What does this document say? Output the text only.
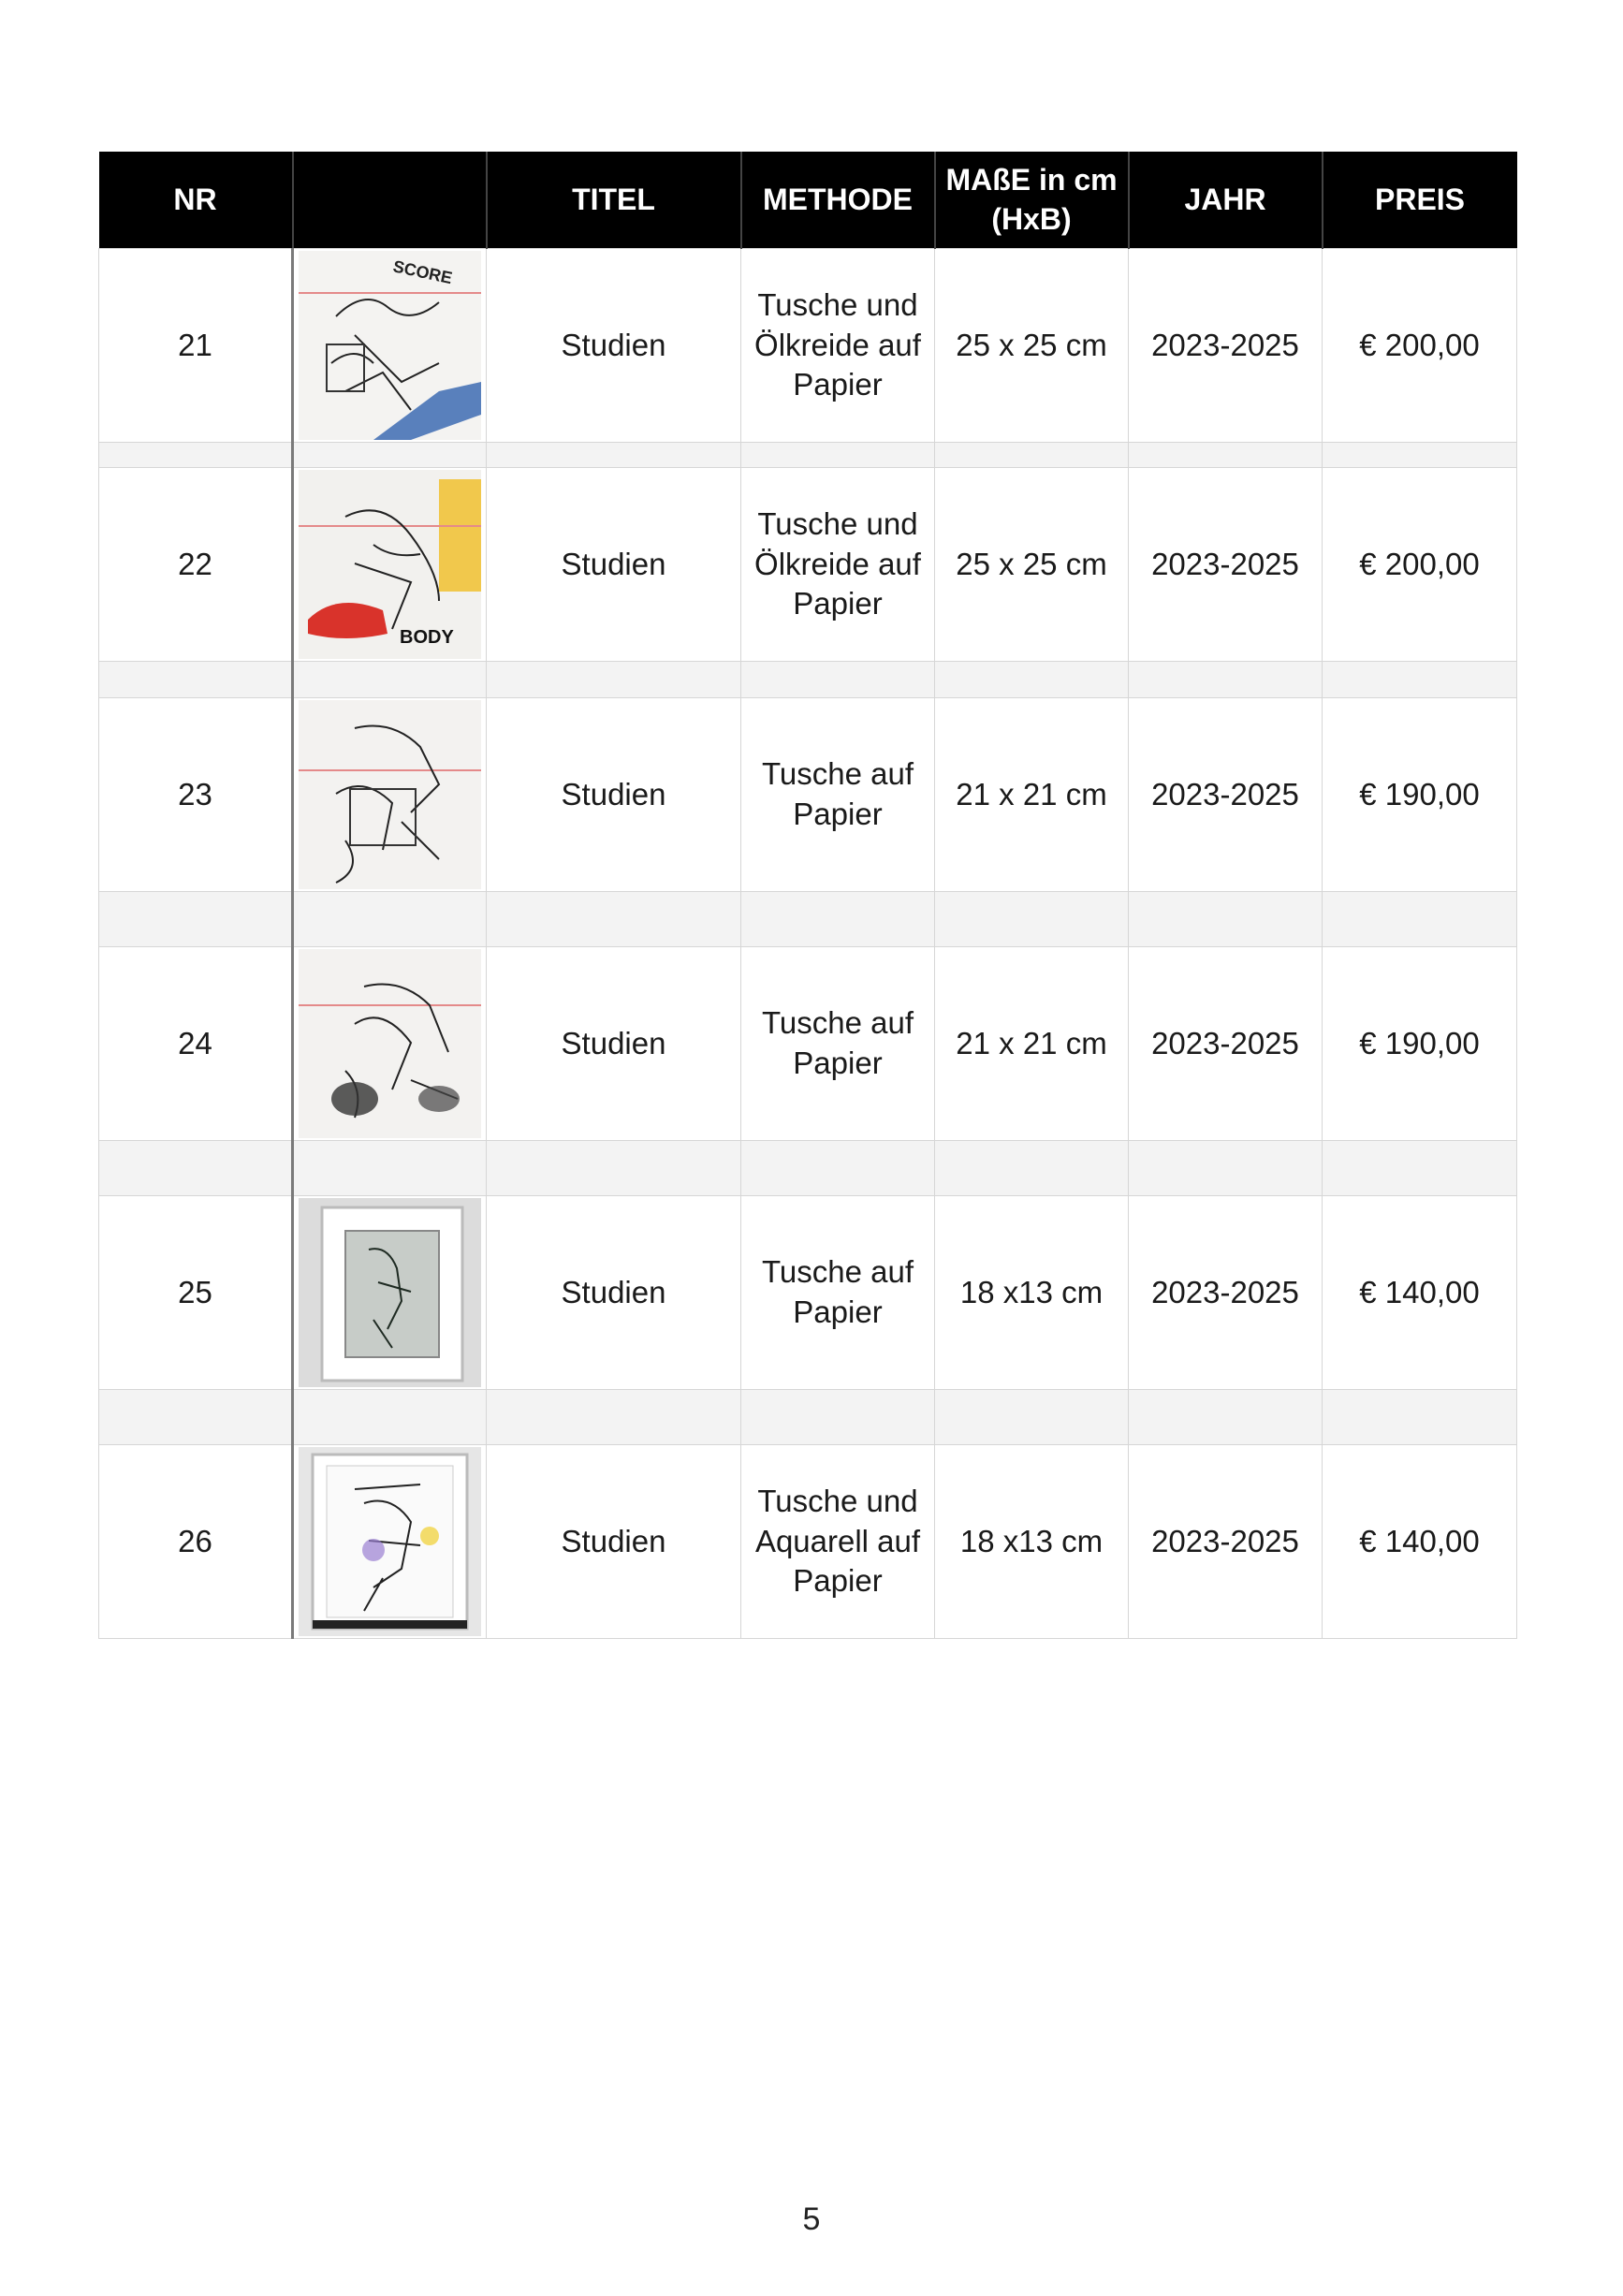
NR		TITEL	METHODE	MAßE in cm
(HxB)	JAHR	PREIS
21	SCORE	Studien	Tusche und
Ölkreide auf
Papier	25 x 25 cm	2023-2025	€ 200,00

22	BODY	Studien	Tusche und
Ölkreide auf
Papier	25 x 25 cm	2023-2025	€ 200,00

23		Studien	Tusche auf
Papier	21 x 21 cm	2023-2025	€ 190,00

24		Studien	Tusche auf
Papier	21 x 21 cm	2023-2025	€ 190,00

25		Studien	Tusche auf
Papier	18 x13 cm	2023-2025	€ 140,00

26		Studien	Tusche und
Aquarell auf
Papier	18 x13 cm	2023-2025	€ 140,00
5
